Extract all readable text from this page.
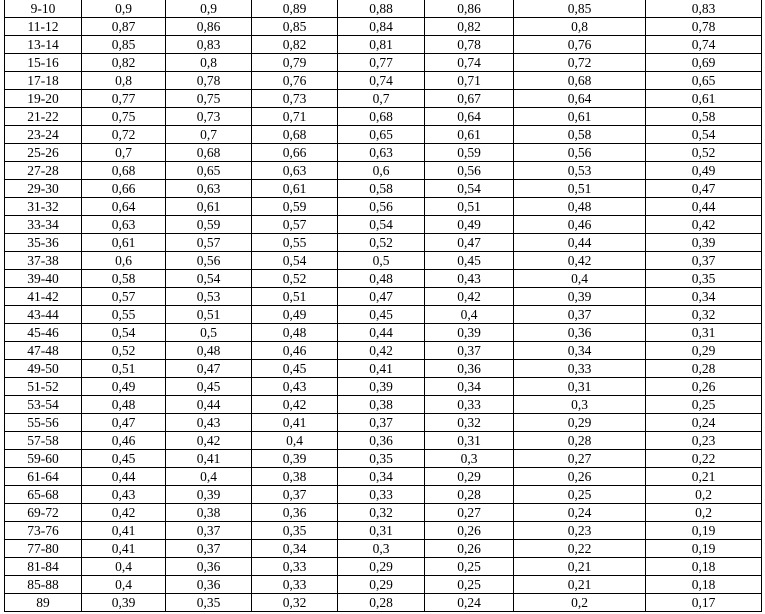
9-10	0,9	0,9	0,89	0,88	0,86	0,85	0,83
11-12	0,87	0,86	0,85	0,84	0,82	0,8	0,78
13-14	0,85	0,83	0,82	0,81	0,78	0,76	0,74
15-16	0,82	0,8	0,79	0,77	0,74	0,72	0,69
17-18	0,8	0,78	0,76	0,74	0,71	0,68	0,65
19-20	0,77	0,75	0,73	0,7	0,67	0,64	0,61
21-22	0,75	0,73	0,71	0,68	0,64	0,61	0,58
23-24	0,72	0,7	0,68	0,65	0,61	0,58	0,54
25-26	0,7	0,68	0,66	0,63	0,59	0,56	0,52
27-28	0,68	0,65	0,63	0,6	0,56	0,53	0,49
29-30	0,66	0,63	0,61	0,58	0,54	0,51	0,47
31-32	0,64	0,61	0,59	0,56	0,51	0,48	0,44
33-34	0,63	0,59	0,57	0,54	0,49	0,46	0,42
35-36	0,61	0,57	0,55	0,52	0,47	0,44	0,39
37-38	0,6	0,56	0,54	0,5	0,45	0,42	0,37
39-40	0,58	0,54	0,52	0,48	0,43	0,4	0,35
41-42	0,57	0,53	0,51	0,47	0,42	0,39	0,34
43-44	0,55	0,51	0,49	0,45	0,4	0,37	0,32
45-46	0,54	0,5	0,48	0,44	0,39	0,36	0,31
47-48	0,52	0,48	0,46	0,42	0,37	0,34	0,29
49-50	0,51	0,47	0,45	0,41	0,36	0,33	0,28
51-52	0,49	0,45	0,43	0,39	0,34	0,31	0,26
53-54	0,48	0,44	0,42	0,38	0,33	0,3	0,25
55-56	0,47	0,43	0,41	0,37	0,32	0,29	0,24
57-58	0,46	0,42	0,4	0,36	0,31	0,28	0,23
59-60	0,45	0,41	0,39	0,35	0,3	0,27	0,22
61-64	0,44	0,4	0,38	0,34	0,29	0,26	0,21
65-68	0,43	0,39	0,37	0,33	0,28	0,25	0,2
69-72	0,42	0,38	0,36	0,32	0,27	0,24	0,2
73-76	0,41	0,37	0,35	0,31	0,26	0,23	0,19
77-80	0,41	0,37	0,34	0,3	0,26	0,22	0,19
81-84	0,4	0,36	0,33	0,29	0,25	0,21	0,18
85-88	0,4	0,36	0,33	0,29	0,25	0,21	0,18
89	0,39	0,35	0,32	0,28	0,24	0,2	0,17
